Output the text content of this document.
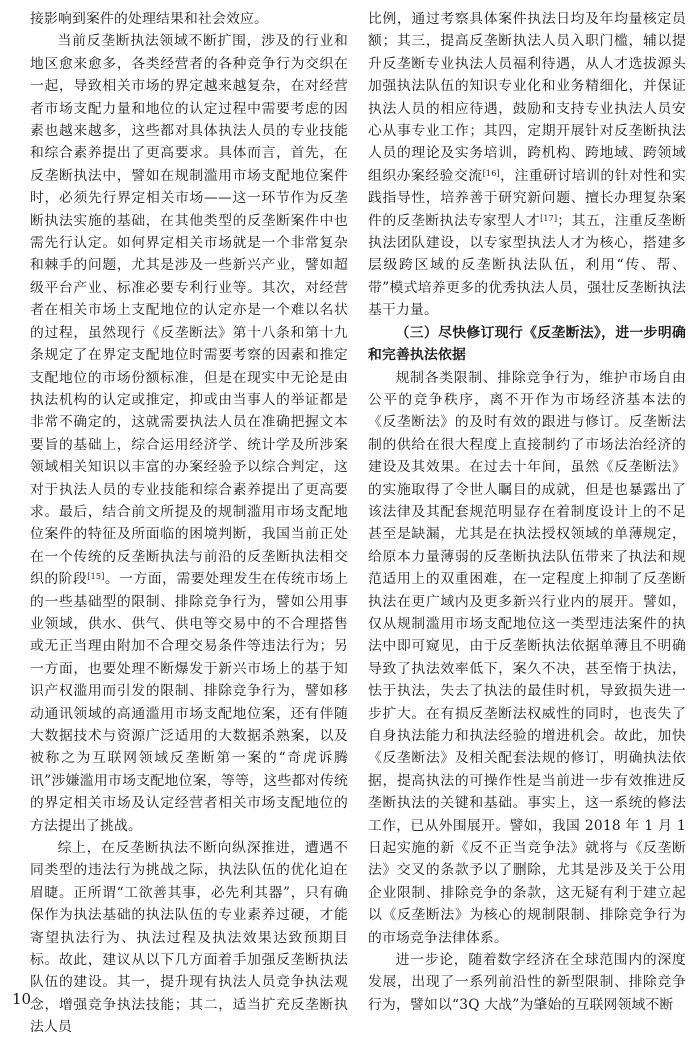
接影响到案件的处理结果和社会效应。

当前反垄断执法领域不断扩围，涉及的行业和地区愈来愈多，各类经营者的各种竞争行为交织在一起，导致相关市场的界定越来越复杂，在对经营者市场支配力量和地位的认定过程中需要考虑的因素也越来越多，这些都对具体执法人员的专业技能和综合素养提出了更高要求。具体而言，首先，在反垄断执法中，譬如在规制滥用市场支配地位案件时，必须先行界定相关市场——这一环节作为反垄断执法实施的基础，在其他类型的反垄断案件中也需先行认定。如何界定相关市场就是一个非常复杂和棘手的问题，尤其是涉及一些新兴产业，譬如超级平台产业、标准必要专利行业等。其次，对经营者在相关市场上支配地位的认定亦是一个难以名状的过程，虽然现行《反垄断法》第十八条和第十九条规定了在界定支配地位时需要考察的因素和推定支配地位的市场份额标准，但是在现实中无论是由执法机构的认定或推定，抑或由当事人的举证都是非常不确定的，这就需要执法人员在准确把握文本要旨的基础上，综合运用经济学、统计学及所涉案领域相关知识以丰富的办案经验予以综合判定，这对于执法人员的专业技能和综合素养提出了更高要求。最后，结合前文所提及的规制滥用市场支配地位案件的特征及所面临的困境判断，我国当前正处在一个传统的反垄断执法与前沿的反垄断执法相交织的阶段[15]。一方面，需要处理发生在传统市场上的一些基础型的限制、排除竞争行为，譬如公用事业领域，供水、供气、供电等交易中的不合理搭售或无正当理由附加不合理交易条件等违法行为；另一方面，也要处理不断爆发于新兴市场上的基于知识产权滥用而引发的限制、排除竞争行为，譬如移动通讯领域的高通滥用市场支配地位案，还有伴随大数据技术与资源广泛适用的大数据杀熟案，以及被称之为互联网领域反垄断第一案的“奇虎诉腾讯”涉嫌滥用市场支配地位案，等等，这些都对传统的界定相关市场及认定经营者相关市场支配地位的方法提出了挑战。

综上，在反垄断执法不断向纵深推进，遭遇不同类型的违法行为挑战之际，执法队伍的优化迫在眉睫。正所谓“工欲善其事，必先利其器”，只有确保作为执法基础的执法队伍的专业素养过硬，才能寄望执法行为、执法过程及执法效果达致预期目标。故此，建议从以下几方面着手加强反垄断执法队伍的建设。其一，提升现有执法人员竞争执法观念，增强竞争执法技能；其二，适当扩充反垄断执法人员

比例，通过考察具体案件执法日均及年均量核定员额；其三，提高反垄断执法人员入职门槛，辅以提升反垄断专业执法人员福利待遇，从人才选拔源头加强执法队伍的知识专业化和业务精细化，并保证执法人员的相应待遇，鼓励和支持专业执法人员安心从事专业工作；其四，定期开展针对反垄断执法人员的理论及实务培训，跨机构、跨地域、跨领域组织办案经验交流[16]，注重研讨培训的针对性和实践指导性，培养善于研究新问题、擅长办理复杂案件的反垄断执法专家型人才[17]；其五，注重反垄断执法团队建设，以专家型执法人才为核心，搭建多层级跨区域的反垄断执法队伍，利用“传、帮、带”模式培养更多的优秀执法人员，强壮反垄断执法基干力量。

（三）尽快修订现行《反垄断法》，进一步明确和完善执法依据

规制各类限制、排除竞争行为，维护市场自由公平的竞争秩序，离不开作为市场经济基本法的《反垄断法》的及时有效的跟进与修订。反垄断法制的供给在很大程度上直接制约了市场法治经济的建设及其效果。在过去十年间，虽然《反垄断法》的实施取得了令世人瞩目的成就，但是也暴露出了该法律及其配套规范明显存在着制度设计上的不足甚至是缺漏，尤其是在执法授权领域的单薄规定，给原本力量薄弱的反垄断执法队伍带来了执法和规范适用上的双重困难，在一定程度上抑制了反垄断执法在更广域内及更多新兴行业内的展开。譬如，仅从规制滥用市场支配地位这一类型违法案件的执法中即可窥见，由于反垄断执法依据单薄且不明确导致了执法效率低下，案久不决，甚至惰于执法，怯于执法，失去了执法的最佳时机，导致损失进一步扩大。在有损反垄断法权威性的同时，也丧失了自身执法能力和执法经验的增进机会。故此，加快《反垄断法》及相关配套法规的修订，明确执法依据，提高执法的可操作性是当前进一步有效推进反垄断执法的关键和基础。事实上，这一系统的修法工作，已从外围展开。譬如，我国 2018 年 1 月 1 日起实施的新《反不正当竞争法》就将与《反垄断法》交叉的条款予以了删除，尤其是涉及关于公用企业限制、排除竞争的条款，这无疑有利于建立起以《反垄断法》为核心的规制限制、排除竞争行为的市场竞争法律体系。

进一步论，随着数字经济在全球范围内的深度发展，出现了一系列前沿性的新型限制、排除竞争行为，譬如以“3Q 大战”为肇始的互联网领域不断

10
